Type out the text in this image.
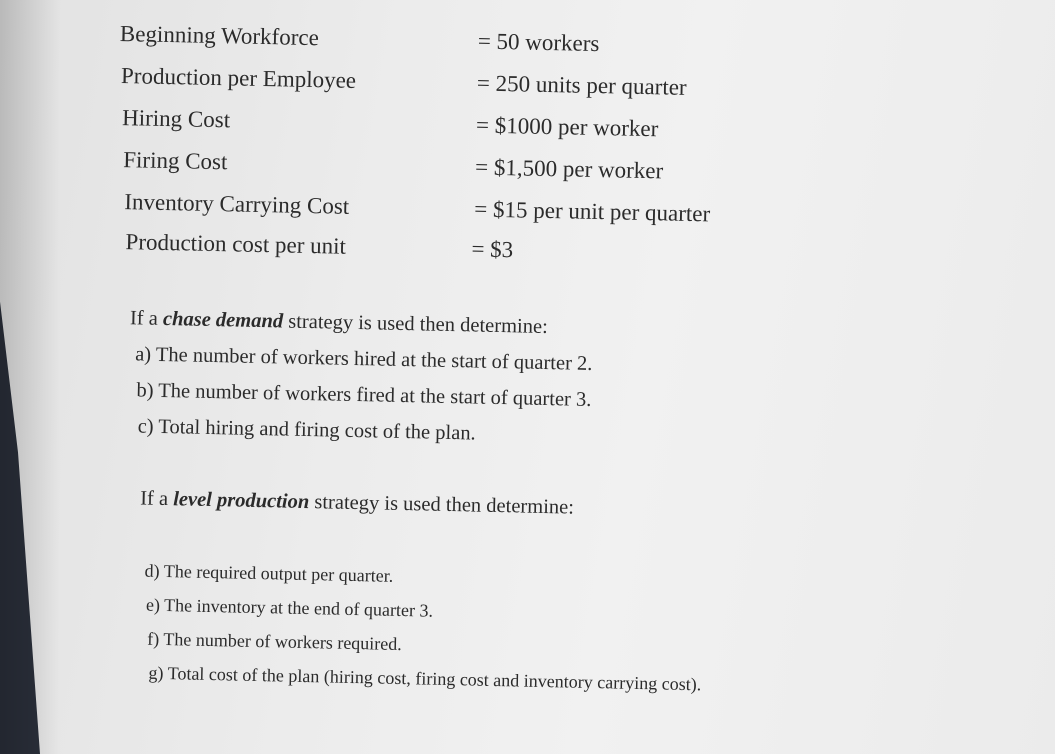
Beginning Workforce	= 50 workers
Production per Employee	= 250 units per quarter
Hiring Cost	= $1000 per worker
Firing Cost	= $1,500 per worker
Inventory Carrying Cost	= $15 per unit per quarter
Production cost per unit	= $3
If a chase demand strategy is used then determine:
a) The number of workers hired at the start of quarter 2.
b) The number of workers fired at the start of quarter 3.
c) Total hiring and firing cost of the plan.
If a level production strategy is used then determine:
d) The required output per quarter.
e) The inventory at the end of quarter 3.
f) The number of workers required.
g) Total cost of the plan (hiring cost, firing cost and inventory carrying cost).
